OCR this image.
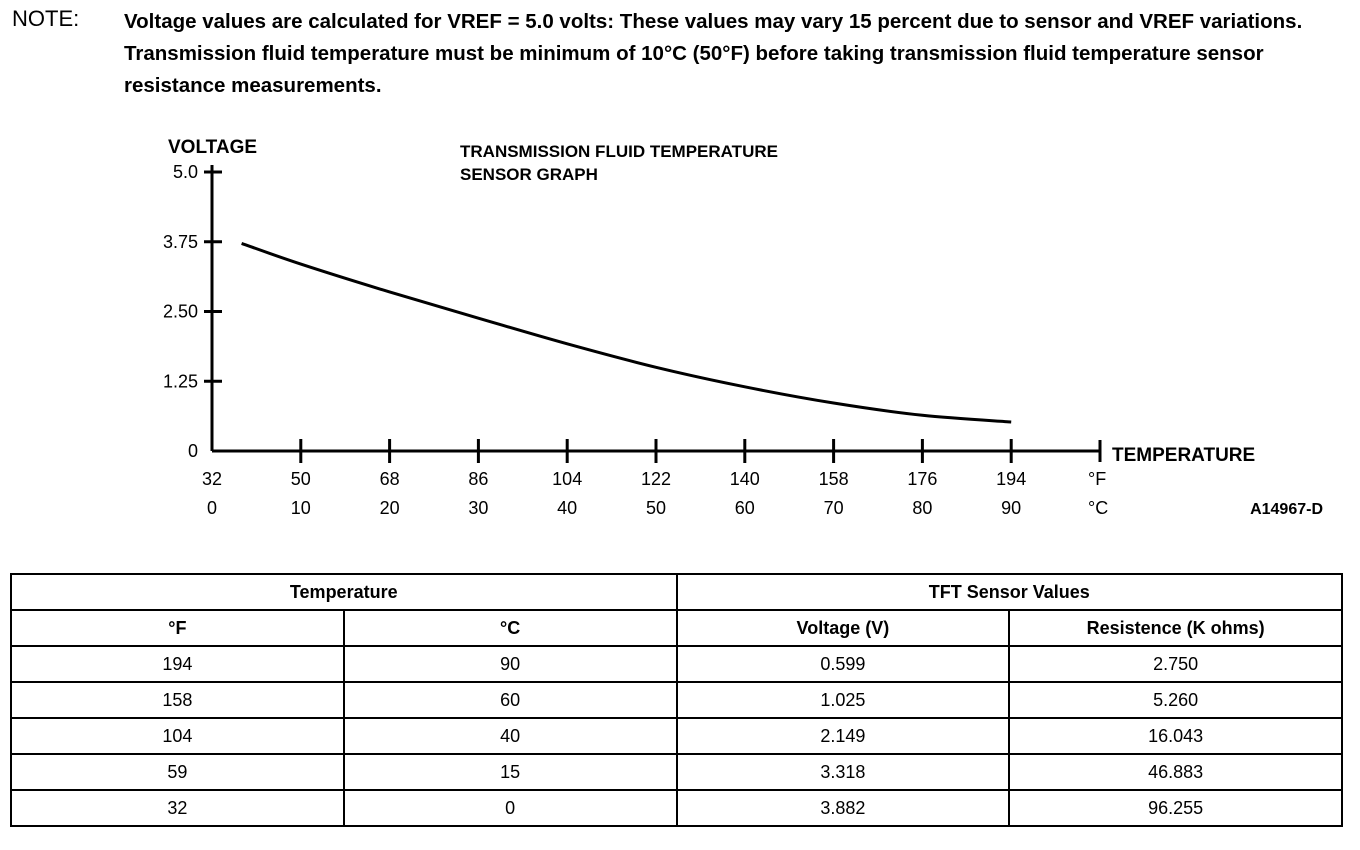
NOTE: Voltage values are calculated for VREF = 5.0 volts: These values may vary 15 percent due to sensor and VREF variations. Transmission fluid temperature must be minimum of 10°C (50°F) before taking transmission fluid temperature sensor resistance measurements.
VOLTAGE	TRANSMISSION FLUID TEMPERATURE
SENSOR GRAPH
5.0
3.75
2.50
1.25
0
32
0
50
10
68
20
86
30
104
40
122
50
140
60
158
70
176
80
194
90
TEMPERATURE
°F
°C	A14967-D
Temperature		TFT Sensor Values	
°F	°C	Voltage (V)	Resistence (K ohms)
194	90	0.599	2.750
158	60	1.025	5.260
104	40	2.149	16.043
59	15	3.318	46.883
32	0	3.882	96.255
